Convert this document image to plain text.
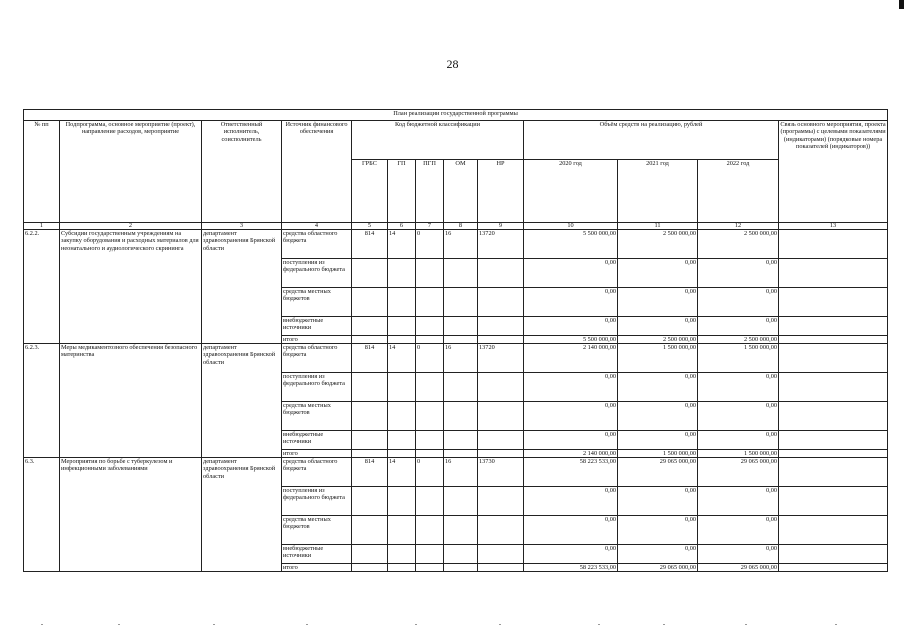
28
План реализации государственной программы												
№ пп	Подпрограмма, основное мероприятие (проект), направление расходов, мероприятие	Ответственный исполнитель, соисполнитель	Источник финансового обеспечения	Код бюджетной классификации					Объём средств на реализацию, рублей			Связь основного мероприятия, проекта (программы) с целевыми показателями (индикаторами) (порядковые номера показателей (индикаторов))
				ГРБС	ГП	ПГП	ОМ	НР	2020 год	2021 год	2022 год	
1	2	3	4	5	6	7	8	9	10	11	12	13
6.2.2.	Субсидии государственным учреждениям на закупку оборудования и расходных материалов для неонатального и аудиологического скрининга	департамент здравоохранения Брянской области	средства областного бюджета	814	14	0	16	13720	5 500 000,00	2 500 000,00	2 500 000,00	
			поступления из федерального бюджета						0,00	0,00	0,00	
			средства местных бюджетов						0,00	0,00	0,00	
			внебюджетные источники						0,00	0,00	0,00	
			итого						5 500 000,00	2 500 000,00	2 500 000,00	
6.2.3.	Меры медикаментозного обеспечения безопасного материнства	департамент здравоохранения Брянской области	средства областного бюджета	814	14	0	16	13720	2 140 000,00	1 500 000,00	1 500 000,00	
			поступления из федерального бюджета						0,00	0,00	0,00	
			средства местных бюджетов						0,00	0,00	0,00	
			внебюджетные источники						0,00	0,00	0,00	
			итого						2 140 000,00	1 500 000,00	1 500 000,00	
6.3.	Мероприятия по борьбе с туберкулезом и инфекционными заболеваниями	департамент здравоохранения Брянской области	средства областного бюджета	814	14	0	16	13730	58 223 533,00	29 065 000,00	29 065 000,00	
			поступления из федерального бюджета						0,00	0,00	0,00	
			средства местных бюджетов						0,00	0,00	0,00	
			внебюджетные источники						0,00	0,00	0,00	
			итого						58 223 533,00	29 065 000,00	29 065 000,00	
